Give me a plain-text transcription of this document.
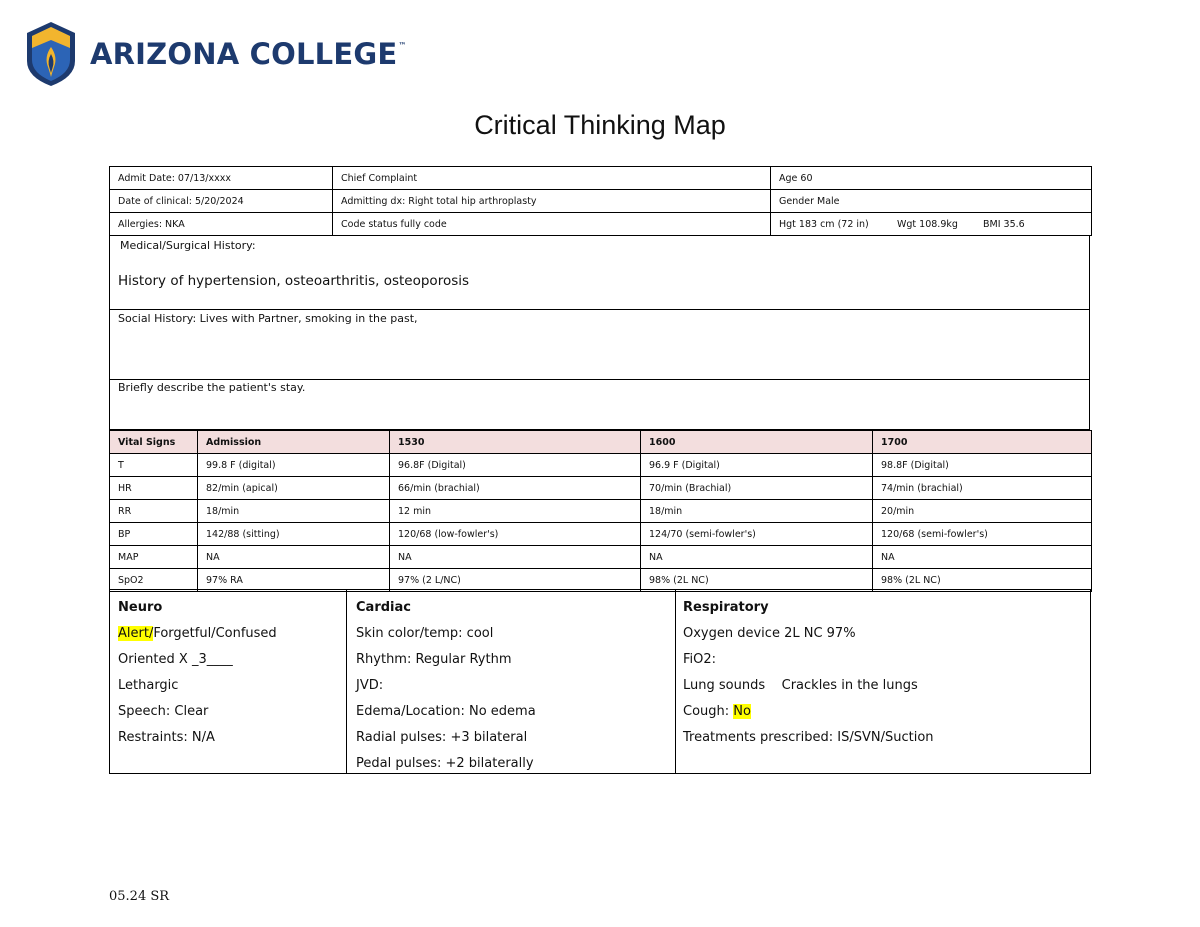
ARIZONA COLLEGE™
Critical Thinking Map
Admit Date: 07/13/xxxx	Chief Complaint	Age 60
Date of clinical: 5/20/2024	Admitting dx: Right total hip arthroplasty	Gender Male
Allergies: NKA	Code status fully code	Hgt 183 cm (72 in) Wgt 108.9kg BMI 35.6
Medical/Surgical History:
History of hypertension, osteoarthritis, osteoporosis
Social History: Lives with Partner, smoking in the past,
Briefly describe the patient's stay.
Vital Signs	Admission	1530	1600	1700
T	99.8 F (digital)	96.8F (Digital)	96.9 F (Digital)	98.8F (Digital)
HR	82/min (apical)	66/min (brachial)	70/min (Brachial)	74/min (brachial)
RR	18/min	12 min	18/min	20/min
BP	142/88 (sitting)	120/68 (low-fowler's)	124/70 (semi-fowler's)	120/68 (semi-fowler's)
MAP	NA	NA	NA	NA
SpO2	97% RA	97% (2 L/NC)	98% (2L NC)	98% (2L NC)
Neuro
Alert/Forgetful/Confused
Oriented X _3____
Lethargic
Speech: Clear
Restraints: N/A
Cardiac
Skin color/temp: cool
Rhythm: Regular Rythm
JVD:
Edema/Location: No edema
Radial pulses: +3 bilateral
Pedal pulses: +2 bilaterally
Respiratory
Oxygen device 2L NC 97%
FiO2:
Lung sounds    Crackles in the lungs
Cough: No
Treatments prescribed: IS/SVN/Suction
05.24 SR
